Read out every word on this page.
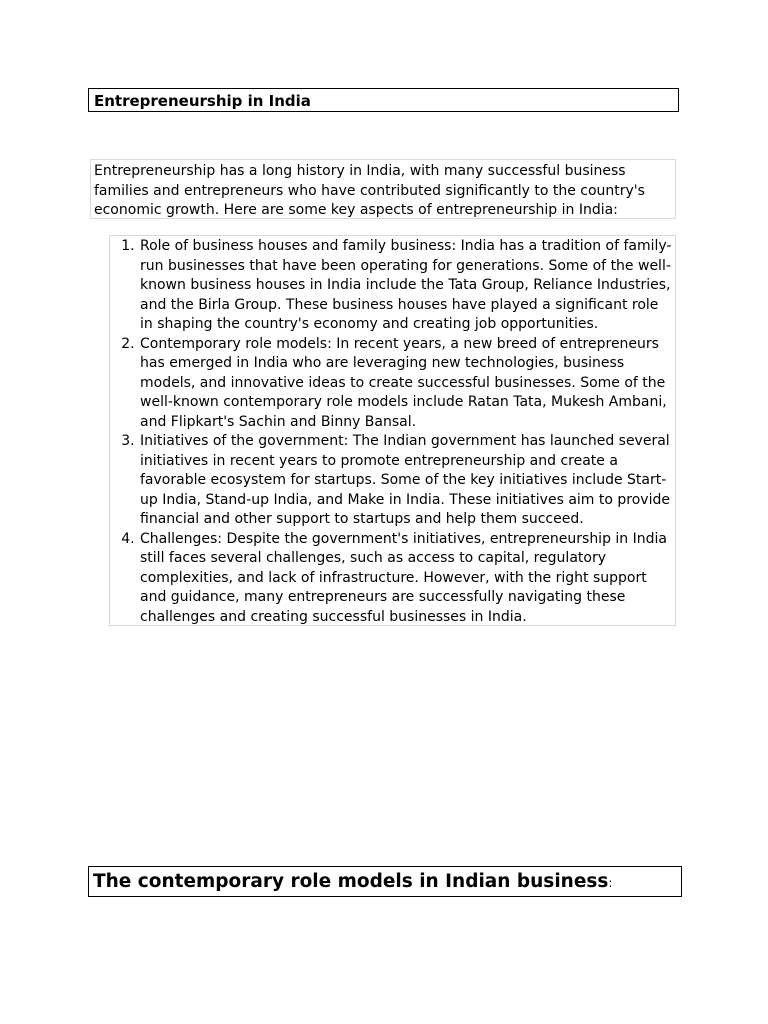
Entrepreneurship in India
Entrepreneurship has a long history in India, with many successful business families and entrepreneurs who have contributed significantly to the country's economic growth. Here are some key aspects of entrepreneurship in India:
1. Role of business houses and family business: India has a tradition of family-run businesses that have been operating for generations. Some of the well-known business houses in India include the Tata Group, Reliance Industries, and the Birla Group. These business houses have played a significant role in shaping the country's economy and creating job opportunities.
2. Contemporary role models: In recent years, a new breed of entrepreneurs has emerged in India who are leveraging new technologies, business models, and innovative ideas to create successful businesses. Some of the well-known contemporary role models include Ratan Tata, Mukesh Ambani, and Flipkart's Sachin and Binny Bansal.
3. Initiatives of the government: The Indian government has launched several initiatives in recent years to promote entrepreneurship and create a favorable ecosystem for startups. Some of the key initiatives include Start-up India, Stand-up India, and Make in India. These initiatives aim to provide financial and other support to startups and help them succeed.
4. Challenges: Despite the government's initiatives, entrepreneurship in India still faces several challenges, such as access to capital, regulatory complexities, and lack of infrastructure. However, with the right support and guidance, many entrepreneurs are successfully navigating these challenges and creating successful businesses in India.
The contemporary role models in Indian business:
